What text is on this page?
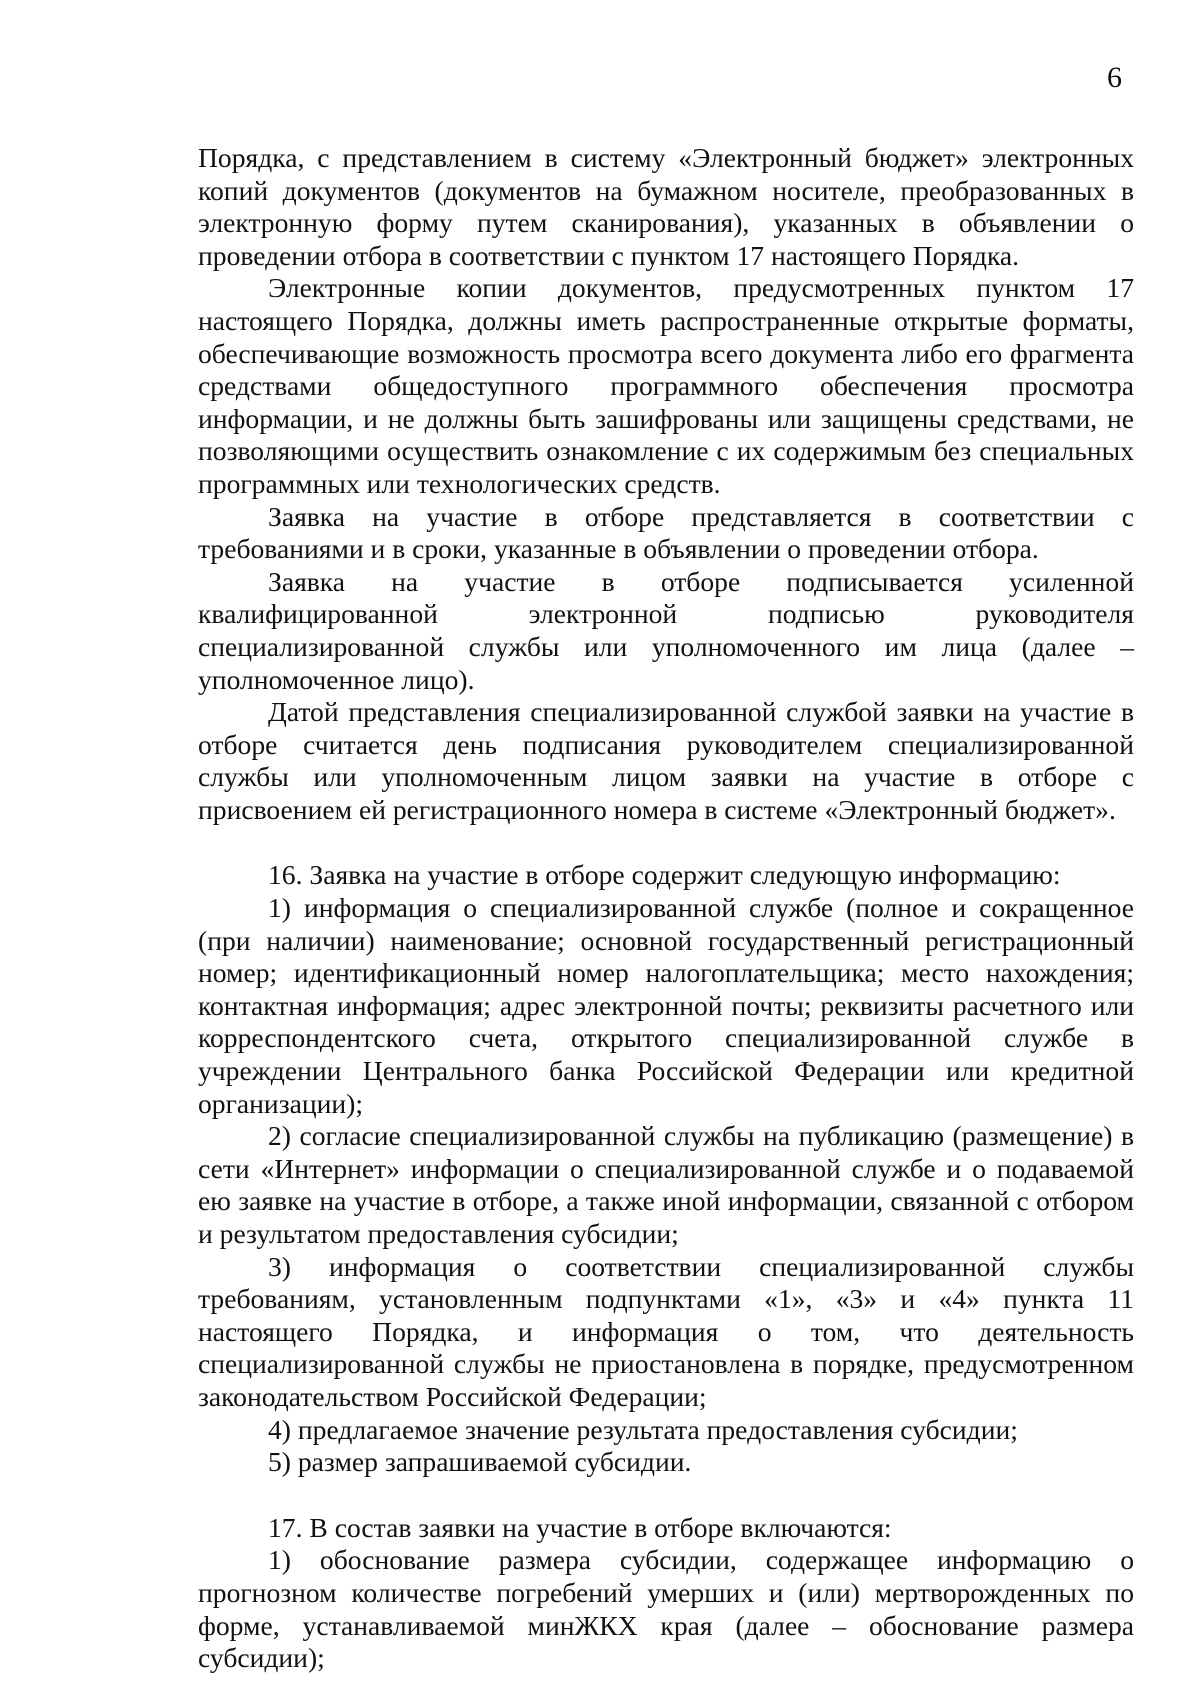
6

Порядка, с представлением в систему «Электронный бюджет» электронных копий документов (документов на бумажном носителе, преобразованных в электронную форму путем сканирования), указанных в объявлении о проведении отбора в соответствии с пунктом 17 настоящего Порядка.

Электронные копии документов, предусмотренных пунктом 17 настоящего Порядка, должны иметь распространенные открытые форматы, обеспечивающие возможность просмотра всего документа либо его фрагмента средствами общедоступного программного обеспечения просмотра информации, и не должны быть зашифрованы или защищены средствами, не позволяющими осуществить ознакомление с их содержимым без специальных программных или технологических средств.

Заявка на участие в отборе представляется в соответствии с требованиями и в сроки, указанные в объявлении о проведении отбора.

Заявка на участие в отборе подписывается усиленной квалифицированной электронной подписью руководителя специализированной службы или уполномоченного им лица (далее – уполномоченное лицо).

Датой представления специализированной службой заявки на участие в отборе считается день подписания руководителем специализированной службы или уполномоченным лицом заявки на участие в отборе с присвоением ей регистрационного номера в системе «Электронный бюджет».

16. Заявка на участие в отборе содержит следующую информацию:

1) информация о специализированной службе (полное и сокращенное (при наличии) наименование; основной государственный регистрационный номер; идентификационный номер налогоплательщика; место нахождения; контактная информация; адрес электронной почты; реквизиты расчетного или корреспондентского счета, открытого специализированной службе в учреждении Центрального банка Российской Федерации или кредитной организации);

2) согласие специализированной службы на публикацию (размещение) в сети «Интернет» информации о специализированной службе и о подаваемой ею заявке на участие в отборе, а также иной информации, связанной с отбором и результатом предоставления субсидии;

3) информация о соответствии специализированной службы требованиям, установленным подпунктами «1», «3» и «4» пункта 11 настоящего Порядка, и информация о том, что деятельность специализированной службы не приостановлена в порядке, предусмотренном законодательством Российской Федерации;

4) предлагаемое значение результата предоставления субсидии;

5) размер запрашиваемой субсидии.

17. В состав заявки на участие в отборе включаются:

1) обоснование размера субсидии, содержащее информацию о прогнозном количестве погребений умерших и (или) мертворожденных по форме, устанавливаемой минЖКХ края (далее – обоснование размера субсидии);
